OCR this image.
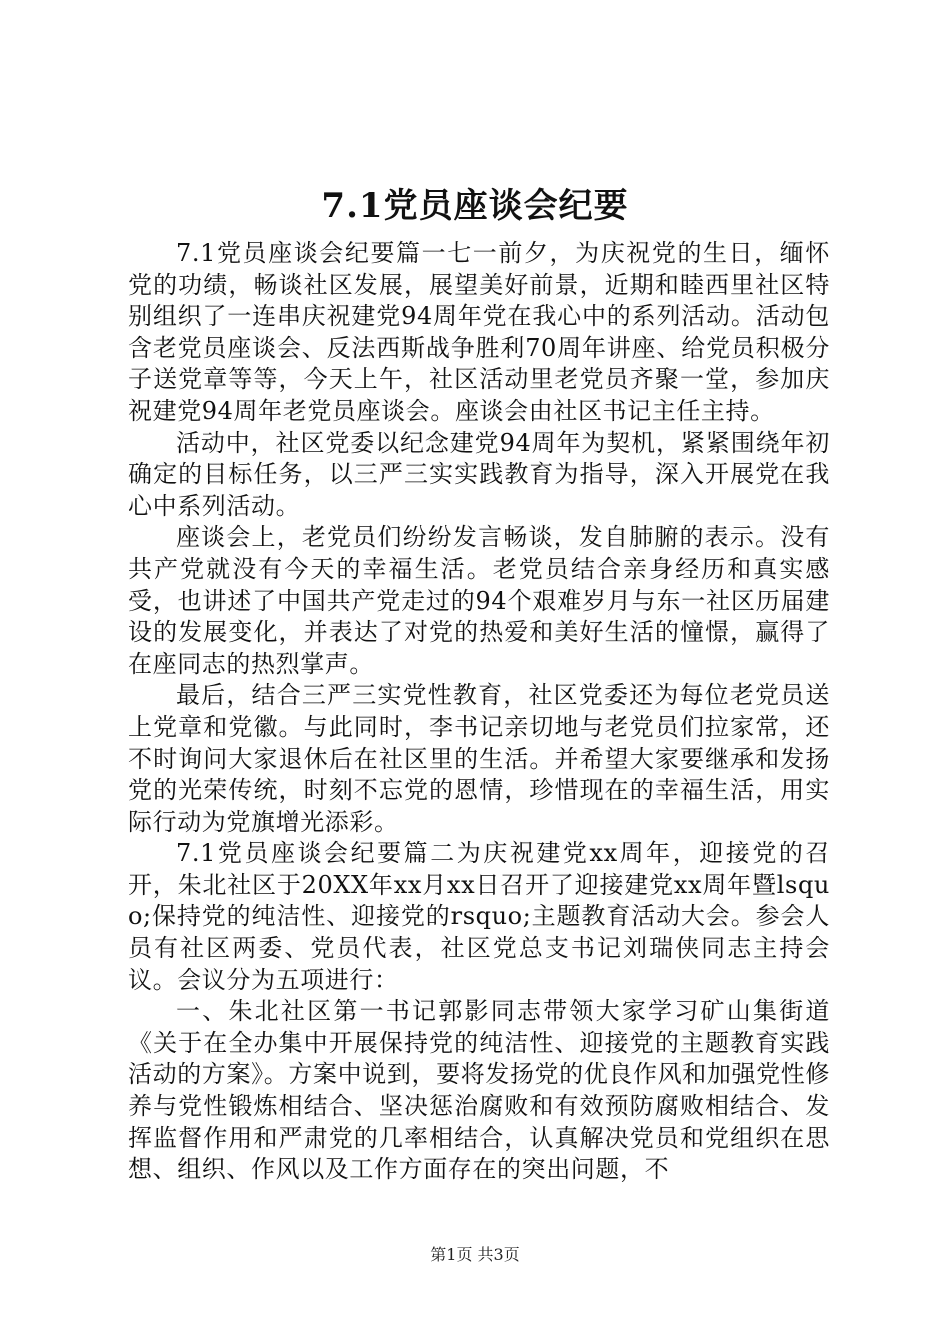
7.1党员座谈会纪要

7.1党员座谈会纪要篇一七一前夕，为庆祝党的生日，缅怀党的功绩，畅谈社区发展，展望美好前景，近期和睦西里社区特别组织了一连串庆祝建党94周年党在我心中的系列活动。活动包含老党员座谈会、反法西斯战争胜利70周年讲座、给党员积极分子送党章等等，今天上午，社区活动里老党员齐聚一堂，参加庆祝建党94周年老党员座谈会。座谈会由社区书记主任主持。

活动中，社区党委以纪念建党94周年为契机，紧紧围绕年初确定的目标任务，以三严三实实践教育为指导，深入开展党在我心中系列活动。

座谈会上，老党员们纷纷发言畅谈，发自肺腑的表示。没有共产党就没有今天的幸福生活。老党员结合亲身经历和真实感受，也讲述了中国共产党走过的94个艰难岁月与东一社区历届建设的发展变化，并表达了对党的热爱和美好生活的憧憬，赢得了在座同志的热烈掌声。

最后，结合三严三实党性教育，社区党委还为每位老党员送上党章和党徽。与此同时，李书记亲切地与老党员们拉家常，还不时询问大家退休后在社区里的生活。并希望大家要继承和发扬党的光荣传统，时刻不忘党的恩情，珍惜现在的幸福生活，用实际行动为党旗增光添彩。

7.1党员座谈会纪要篇二为庆祝建党xx周年，迎接党的召开，朱北社区于20XX年xx月xx日召开了迎接建党xx周年暨lsquo;保持党的纯洁性、迎接党的rsquo;主题教育活动大会。参会人员有社区两委、党员代表，社区党总支书记刘瑞侠同志主持会议。会议分为五项进行：

一、朱北社区第一书记郭影同志带领大家学习矿山集街道《关于在全办集中开展保持党的纯洁性、迎接党的主题教育实践活动的方案》。方案中说到，要将发扬党的优良作风和加强党性修养与党性锻炼相结合、坚决惩治腐败和有效预防腐败相结合、发挥监督作用和严肃党的几率相结合，认真解决党员和党组织在思想、组织、作风以及工作方面存在的突出问题，不

第1页 共3页
